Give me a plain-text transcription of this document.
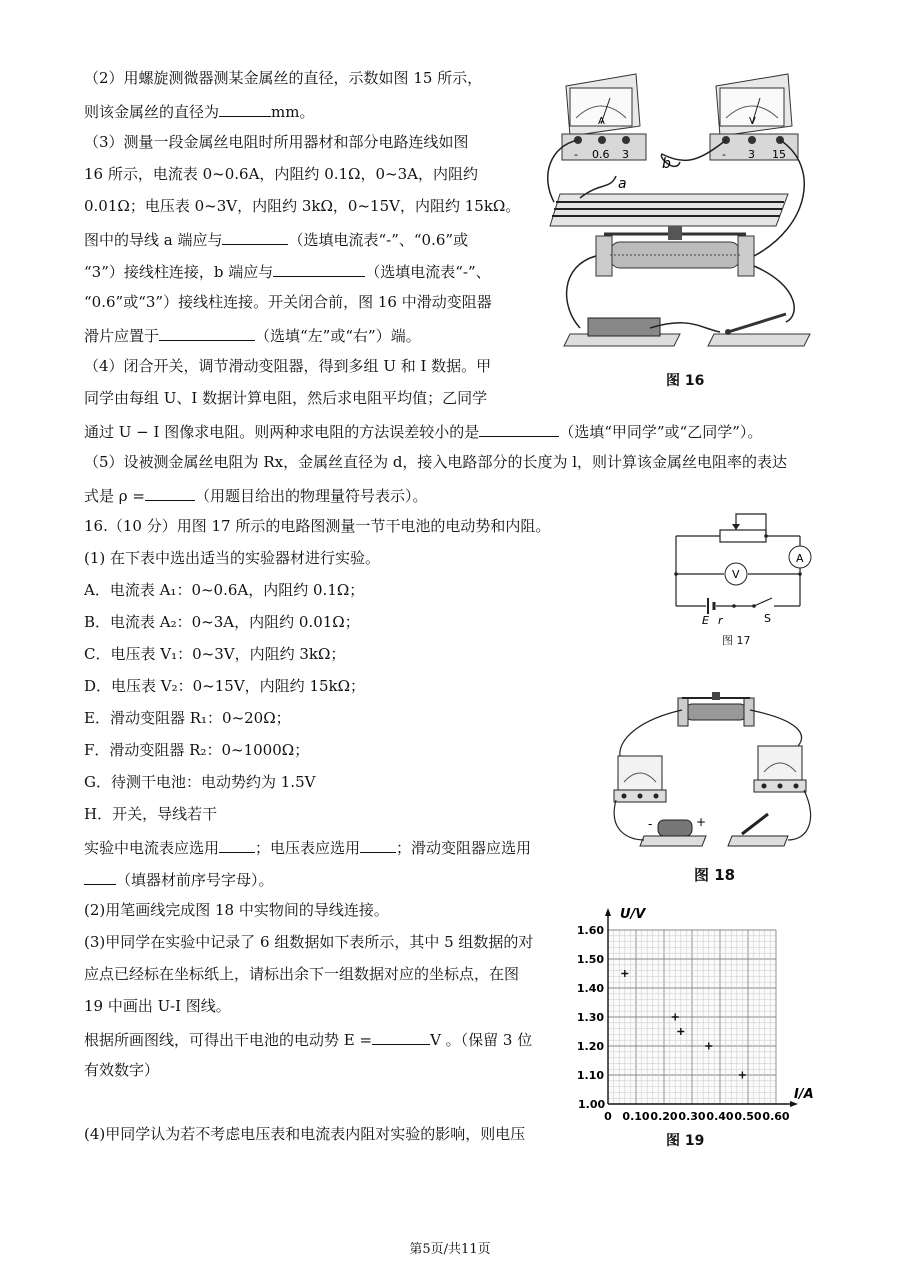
（2）用螺旋测微器测某金属丝的直径，示数如图 15 所示，
则该金属丝的直径为	mm。
（3）测量一段金属丝电阻时所用器材和部分电路连线如图
16 所示，电流表 0~0.6A，内阻约 0.1Ω，0~3A，内阻约
0.01Ω；电压表 0~3V，内阻约 3kΩ，0~15V，内阻约 15kΩ。
图中的导线 a 端应与	（选填电流表“-”、“0.6”或
“3”）接线柱连接，b 端应与	（选填电流表“-”、
“0.6”或“3”）接线柱连接。开关闭合前，图 16 中滑动变阻器
滑片应置于	（选填“左”或“右”）端。
（4）闭合开关，调节滑动变阻器，得到多组 U 和 I 数据。甲
同学由每组 U、I 数据计算电阻，然后求电阻平均值；乙同学
通过 U − I 图像求电阻。则两种求电阻的方法误差较小的是	（选填“甲同学”或“乙同学”）。
（5）设被测金属丝电阻为 Rx，金属丝直径为 d，接入电路部分的长度为 l，则计算该金属丝电阻率的表达
式是 ρ =	（用题目给出的物理量符号表示）。
16.（10 分）用图 17 所示的电路图测量一节干电池的电动势和内阻。
(1) 在下表中选出适当的实验器材进行实验。
A．电流表 A₁：0~0.6A，内阻约 0.1Ω；
B．电流表 A₂：0~3A，内阻约 0.01Ω；
C．电压表 V₁：0~3V，内阻约 3kΩ；
D．电压表 V₂：0~15V，内阻约 15kΩ；
E．滑动变阻器 R₁：0~20Ω；
F．滑动变阻器 R₂：0~1000Ω；
G．待测干电池：电动势约为 1.5V
H．开关，导线若干
实验中电流表应选用 ；电压表应选用 ；滑动变阻器应选用
（填器材前序号字母）。
(2)用笔画线完成图 18 中实物间的导线连接。
(3)甲同学在实验中记录了 6 组数据如下表所示，其中 5 组数据的对
应点已经标在坐标纸上，请标出余下一组数据对应的坐标点，在图
19 中画出 U-I 图线。
根据所画图线，可得出干电池的电动势 E =	V 。（保留 3 位
有效数字）
(4)甲同学认为若不考虑电压表和电流表内阻对实验的影响，则电压
A
- 0.6 3
V
- 3 15
a
b
图 16
A
V
E r	S
图 17
-	+
图 18
0 0.10 0.20 0.30 0.40 0.50 0.60
1.10
1.20
1.30
1.40
1.50
1.60
1.00
I/A
U/V
图 19
第5页/共11页
